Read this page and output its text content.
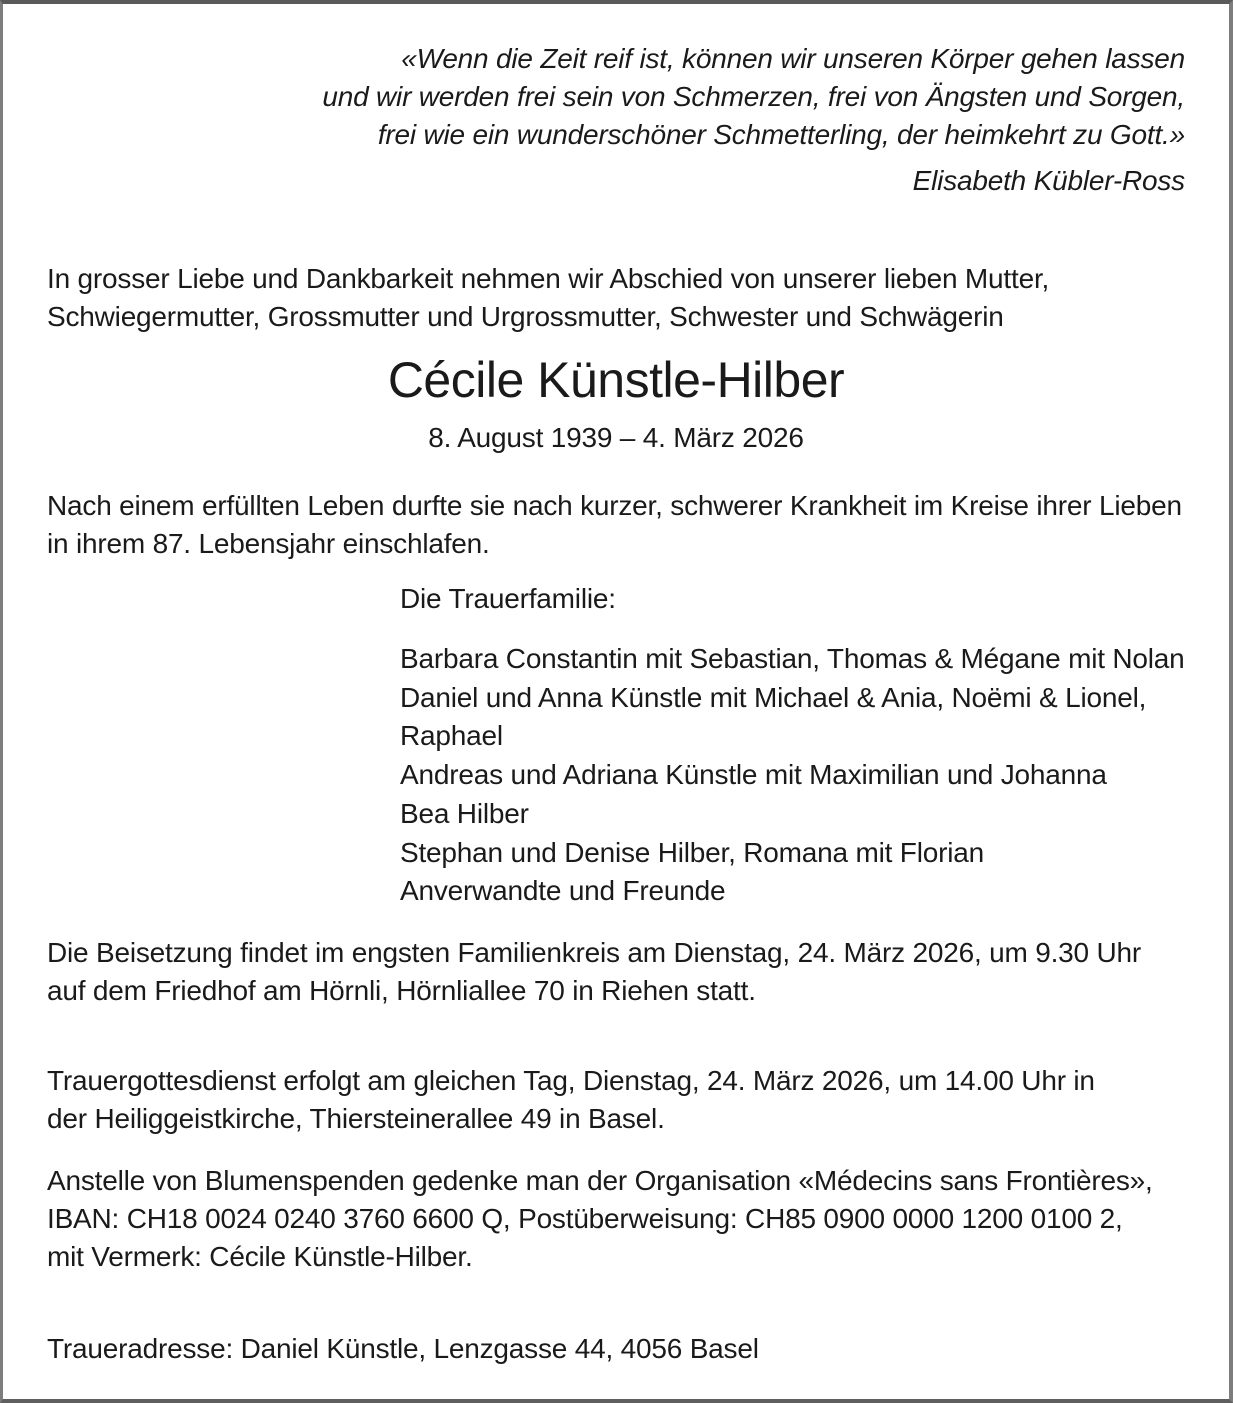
«Wenn die Zeit reif ist, können wir unseren Körper gehen lassen
und wir werden frei sein von Schmerzen, frei von Ängsten und Sorgen,
frei wie ein wunderschöner Schmetterling, der heimkehrt zu Gott.»
Elisabeth Kübler-Ross
In grosser Liebe und Dankbarkeit nehmen wir Abschied von unserer lieben Mutter,
Schwiegermutter, Grossmutter und Urgrossmutter, Schwester und Schwägerin
Cécile Künstle-Hilber
8. August 1939 – 4. März 2026
Nach einem erfüllten Leben durfte sie nach kurzer, schwerer Krankheit im Kreise ihrer Lieben
in ihrem 87. Lebensjahr einschlafen.
Die Trauerfamilie:
Barbara Constantin mit Sebastian, Thomas & Mégane mit Nolan
Daniel und Anna Künstle mit Michael & Ania, Noëmi & Lionel,
Raphael
Andreas und Adriana Künstle mit Maximilian und Johanna
Bea Hilber
Stephan und Denise Hilber, Romana mit Florian
Anverwandte und Freunde
Die Beisetzung findet im engsten Familienkreis am Dienstag, 24. März 2026, um 9.30 Uhr
auf dem Friedhof am Hörnli, Hörnliallee 70 in Riehen statt.
Trauergottesdienst erfolgt am gleichen Tag, Dienstag, 24. März 2026, um 14.00 Uhr in
der Heiliggeistkirche, Thiersteinerallee 49 in Basel.
Anstelle von Blumenspenden gedenke man der Organisation «Médecins sans Frontières»,
IBAN: CH18 0024 0240 3760 6600 Q, Postüberweisung: CH85 0900 0000 1200 0100 2,
mit Vermerk: Cécile Künstle-Hilber.
Traueradresse: Daniel Künstle, Lenzgasse 44, 4056 Basel
